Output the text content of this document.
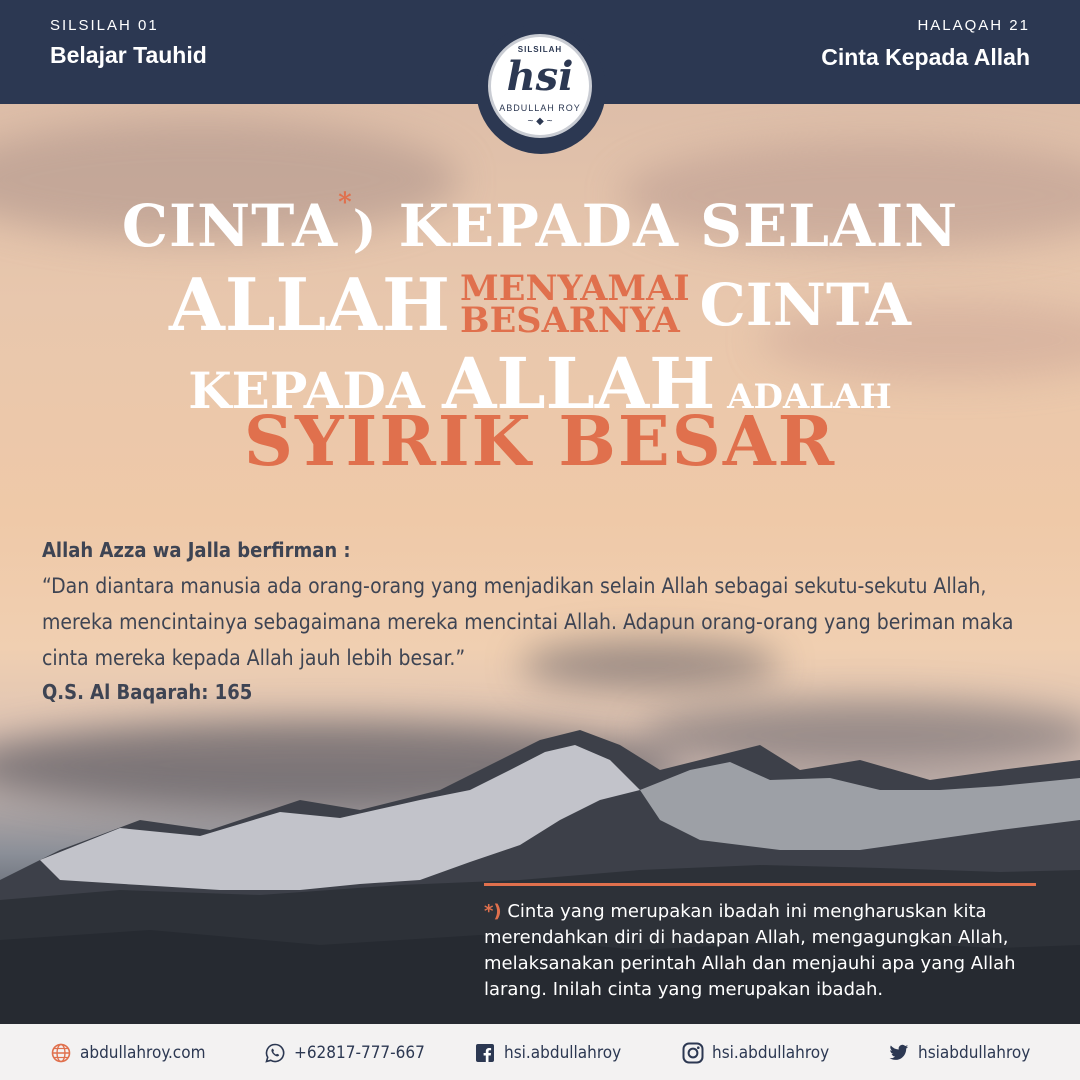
SILSILAH 01
Belajar Tauhid
HALAQAH 21
Cinta Kepada Allah
SILSILAH
hsi
ABDULLAH ROY
~ ◆ ~
CINTA*) KEPADA SELAIN
ALLAH MENYAMAI
BESARNYA CINTA
KEPADA ALLAH ADALAH
SYIRIK BESAR
Allah Azza wa Jalla berfirman :
“Dan diantara manusia ada orang-orang yang menjadikan selain Allah sebagai sekutu-sekutu Allah, mereka mencintainya sebagaimana mereka mencintai Allah. Adapun orang-orang yang beriman maka cinta mereka kepada Allah jauh lebih besar.”
Q.S. Al Baqarah: 165
*) Cinta yang merupakan ibadah ini mengharuskan kita merendahkan diri di hadapan Allah, mengagungkan Allah, melaksanakan perintah Allah dan menjauhi apa yang Allah larang. Inilah cinta yang merupakan ibadah.
abdullahroy.com	+62817-777-667	hsi.abdullahroy	hsi.abdullahroy	hsiabdullahroy
